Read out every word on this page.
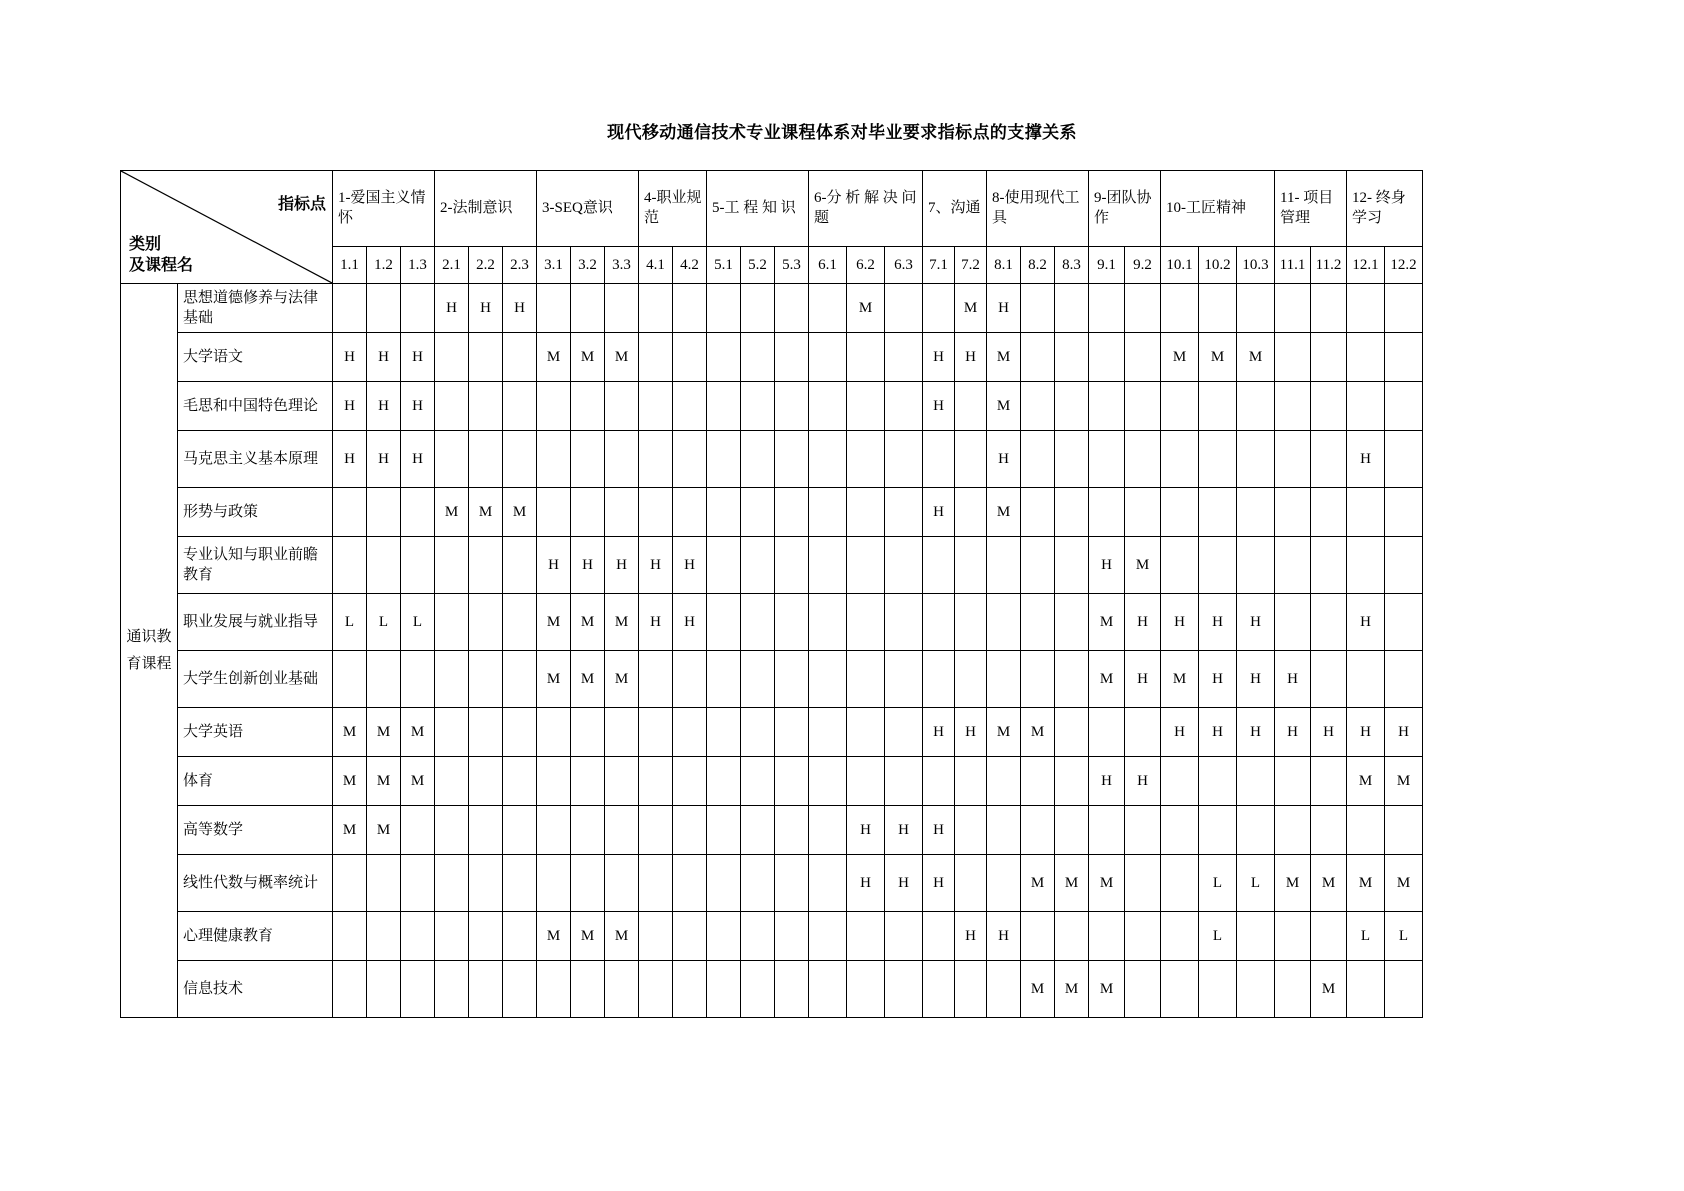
现代移动通信技术专业课程体系对毕业要求指标点的支撑关系
指标点
类别
及课程名		1-爱国主义情怀			2-法制意识			3-SEQ意识			4-职业规范		5-工 程 知 识			6-分 析 解 决 问 题			7、沟通		8-使用现代工具			9-团队协作		10-工匠精神			11- 项目管理		12- 终身学习	
		1.1	1.2	1.3	2.1	2.2	2.3	3.1	3.2	3.3	4.1	4.2	5.1	5.2	5.3	6.1	6.2	6.3	7.1	7.2	8.1	8.2	8.3	9.1	9.2	10.1	10.2	10.3	11.1	11.2	12.1	12.2
通识教育课程	思想道德修养与法律基础				H	H	H										M			M	H											
	大学语文	H	H	H				M	M	M									H	H	M					M	M	M				
	毛思和中国特色理论	H	H	H															H		M											
	马克思主义基本原理	H	H	H																	H										H	
	形势与政策				M	M	M												H		M											
	专业认知与职业前瞻教育							H	H	H	H	H												H	M							
	职业发展与就业指导	L	L	L				M	M	M	H	H												M	H	H	H	H			H	
	大学生创新创业基础							M	M	M														M	H	M	H	H	H			
	大学英语	M	M	M															H	H	M	M				H	H	H	H	H	H	H
	体育	M	M	M																				H	H						M	M
	高等数学	M	M														H	H	H													
	线性代数与概率统计																H	H	H			M	M	M			L	L	M	M	M	M
	心理健康教育							M	M	M										H	H						L				L	L
	信息技术																					M	M	M						M		
